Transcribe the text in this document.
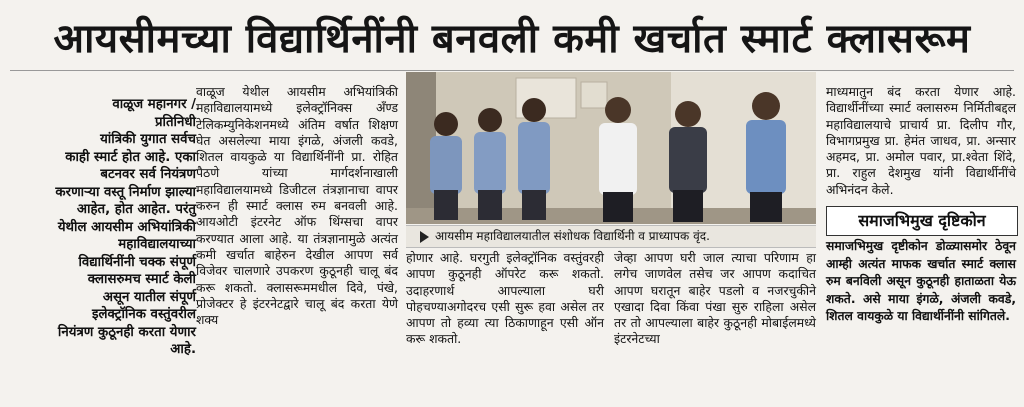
आयसीमच्या विद्यार्थिनींनी बनवली कमी खर्चात स्मार्ट क्लासरूम
वाळूज महानगर /
प्रतिनिधी
यांत्रिकी युगात सर्वच
काही स्मार्ट होत आहे. एका
बटनवर सर्व नियंत्रण
करणाऱ्या वस्तू निर्माण झाल्या
आहेत, होत आहेत. परंतु
येथील आयसीम अभियांत्रिकी
महाविद्यालयाच्या
विद्यार्थिनींनी चक्क संपूर्ण
क्लासरुमच स्मार्ट केली
असून यातील संपूर्ण
इलेक्ट्रॉनिक वस्तुंवरील
नियंत्रण कुठूनही करता येणार
आहे.

वाळूज येथील आयसीम अभियांत्रिकी महाविद्यालयामध्ये इलेक्ट्रॉनिक्स अँण्ड टेलिकम्युनिकेशनमध्ये अंतिम वर्षात शिक्षण घेत असलेल्या माया इंगळे, अंजली कवडे, शितल वायकुळे या विद्यार्थिनींनी प्रा. रोहित पैठणे यांच्या मार्गदर्शनाखाली महाविद्यालयामध्ये डिजीटल तंत्रज्ञानाचा वापर करुन ही स्मार्ट क्लास रुम बनवली आहे. आयओटी इंटरनेट ऑफ थिंग्सचा वापर करण्यात आला आहे. या तंत्रज्ञानामुळे अत्यंत कमी खर्चात बाहेरुन देखील आपण सर्व विजेवर चालणारे उपकरण कुठूनही चालू बंद करू शकतो. क्लासरूममधील दिवे, पंखे, प्रोजेक्टर हे इंटरनेटद्वारे चालू बंद करता येणे शक्य

आयसीम महाविद्यालयातील संशोधक विद्यार्थिनी व प्राध्यापक वृंद.

होणार आहे. घरगुती इलेक्ट्रॉनिक वस्तुंवरही आपण कुठूनही ऑपरेट करू शकतो. उदाहरणार्थ आपल्याला घरी पोहचण्याअगोदरच एसी सुरू हवा असेल तर आपण तो हव्या त्या ठिकाणाहून एसी ऑन करू शकतो.

जेव्हा आपण घरी जाल त्याचा परिणाम हा लगेच जाणवेल तसेच जर आपण कदाचित आपण घरातून बाहेर पडलो व नजरचुकीने एखादा दिवा किंवा पंखा सुरु राहिला असेल तर तो आपल्याला बाहेर कुठूनही मोबाईलमध्ये इंटरनेटच्या

माध्यमातुन बंद करता येणार आहे. विद्यार्थीनींच्या स्मार्ट क्लासरुम निर्मितीबद्दल महाविद्यालयाचे प्राचार्य प्रा. दिलीप गौर, विभागप्रमुख प्रा. हेमंत जाधव, प्रा. अन्सार अहमद, प्रा. अमोल पवार, प्रा.श्वेता शिंदे, प्रा. राहुल देशमुख यांनी विद्यार्थीनींचे अभिनंदन केले.

समाजभिमुख दृष्टिकोन
समाजभिमुख दृष्टीकोन डोळ्यासमोर ठेवून आम्ही अत्यंत माफक खर्चात स्मार्ट क्लास रुम बनविली असून कुठूनही हाताळता येऊ शकते. असे माया इंगळे, अंजली कवडे, शितल वायकुळे या विद्यार्थीनींनी सांगितले.
